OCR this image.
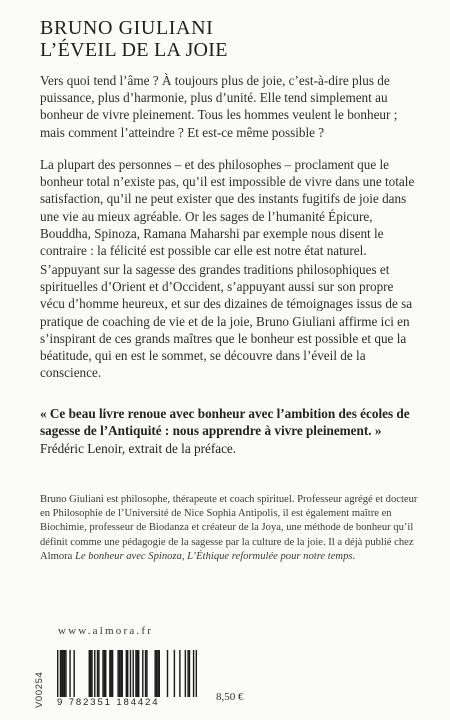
BRUNO GIULIANI
L’ÉVEIL DE LA JOIE

Vers quoi tend l’âme ? À toujours plus de joie, c’est-à-dire plus de puissance, plus d’harmonie, plus d’unité. Elle tend simplement au bonheur de vivre pleinement. Tous les hommes veulent le bonheur ; mais comment l’atteindre ? Et est-ce même possible ?

La plupart des personnes – et des philosophes – proclament que le bonheur total n’existe pas, qu’il est impossible de vivre dans une totale satisfaction, qu’il ne peut exister que des instants fugitifs de joie dans une vie au mieux agréable. Or les sages de l’humanité Épicure, Bouddha, Spinoza, Ramana Maharshi par exemple nous disent le contraire : la félicité est possible car elle est notre état naturel.

S’appuyant sur la sagesse des grandes traditions philosophiques et spirituelles d’Orient et d’Occident, s’appuyant aussi sur son propre vécu d’homme heureux, et sur des dizaines de témoignages issus de sa pratique de coaching de vie et de la joie, Bruno Giuliani affirme ici en s’inspirant de ces grands maîtres que le bonheur est possible et que la béatitude, qui en est le sommet, se découvre dans l’éveil de la conscience.

« Ce beau livre renoue avec bonheur avec l’ambition des écoles de sagesse de l’Antiquité : nous apprendre à vivre pleinement. » Frédéric Lenoir, extrait de la préface.
Bruno Giuliani est philosophe, thérapeute et coach spirituel. Professeur agrégé et docteur en Philosophie de l’Université de Nice Sophia Antipolis, il est également maître en Biochimie, professeur de Biodanza et créateur de la Joya, une méthode de bonheur qu’il définit comme une pédagogie de la sagesse par la culture de la joie. Il a déjà publié chez Almora Le bonheur avec Spinoza, L’Éthique reformulée pour notre temps.
www.almora.fr
V00254 9 782351 184424	8,50 €
